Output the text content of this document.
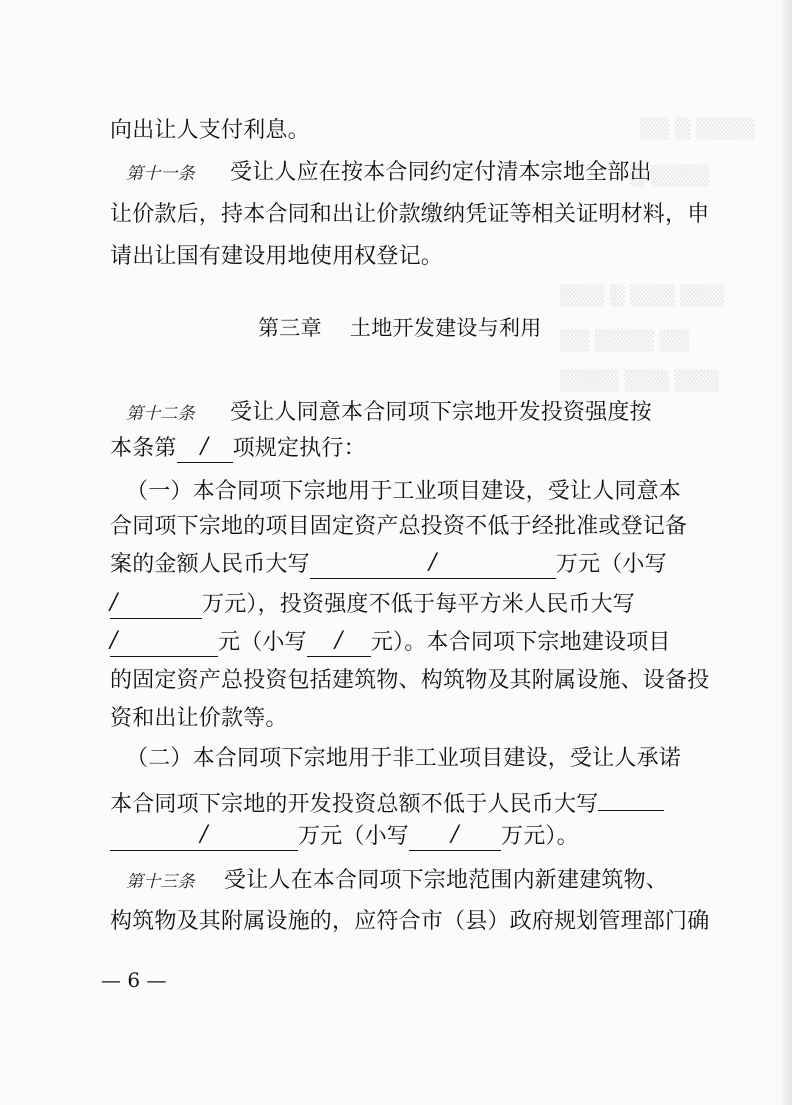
▒▒ ▒ ▒▒▒▒
▒ ▒▒▒▒
▒▒▒ ▒ ▒▒▒ ▒▒▒
▒▒ ▒▒▒▒ ▒▒
▒▒▒▒ ▒▒▒ ▒▒▒
向出让人支付利息。
第十一条 受让人应在按本合同约定付清本宗地全部出
让价款后，持本合同和出让价款缴纳凭证等相关证明材料，申
请出让国有建设用地使用权登记。
第三章 土地开发建设与利用
第十二条 受让人同意本合同项下宗地开发投资强度按
本条第 / 项规定执行：
（一）本合同项下宗地用于工业项目建设，受让人同意本
合同项下宗地的项目固定资产总投资不低于经批准或登记备
案的金额人民币大写	/	万元（小写
/	万元），投资强度不低于每平方米人民币大写
/	元（小写 / 元）。本合同项下宗地建设项目
的固定资产总投资包括建筑物、构筑物及其附属设施、设备投
资和出让价款等。
（二）本合同项下宗地用于非工业项目建设，受让人承诺
本合同项下宗地的开发投资总额不低于人民币大写
/	万元（小写 / 万元）。
第十三条 受让人在本合同项下宗地范围内新建建筑物、
构筑物及其附属设施的，应符合市（县）政府规划管理部门确
— 6 —
